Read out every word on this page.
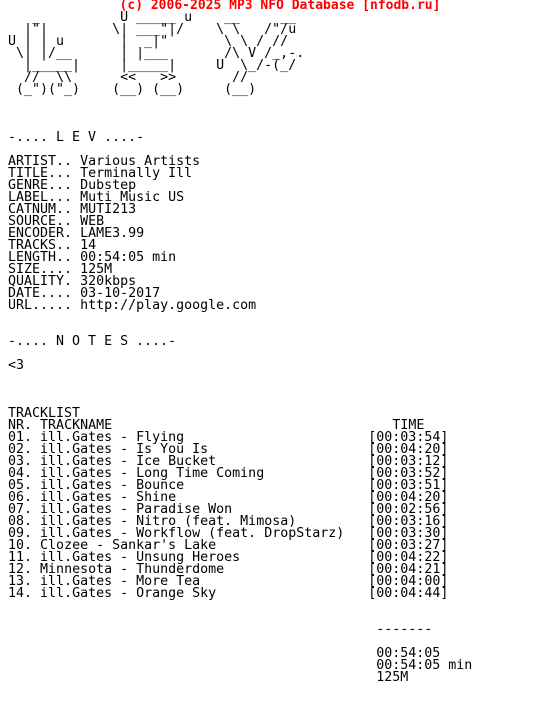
(c) 2006-2025 MP3 NFO Database [nfodb.ru]
_          U _____ u    __     __
|"|        \| ___"|/    \ \   /"/u
U | | u       |  _|"       \ \ / //
\| |/__      | |___       /\ V /_,-.
|_____|     |_____|     U  \_/-(_/
//  \\      <<   >>       //
(_")("_)    (__) (__)     (__)

-.... L E V ....-

ARTIST.. Various Artists
TITLE... Terminally Ill
GENRE... Dubstep
LABEL... Muti Music US
CATNUM.. MUTI213
SOURCE.. WEB
ENCODER. LAME3.99
TRACKS.. 14
LENGTH.. 00:54:05 min
SIZE.... 125M
QUALITY. 320kbps
DATE.... 03-10-2017
URL..... http://play.google.com

-.... N O T E S ....-

<3

TRACKLIST
NR. TRACKNAME	TIME
01. ill.Gates - Flying	[00:03:54]
02. ill.Gates - Is You Is	[00:04:20]
03. ill.Gates - Ice Bucket	[00:03:12]
04. ill.Gates - Long Time Coming	[00:03:52]
05. ill.Gates - Bounce	[00:03:51]
06. ill.Gates - Shine	[00:04:20]
07. ill.Gates - Paradise Won	[00:02:56]
08. ill.Gates - Nitro (feat. Mimosa)	[00:03:16]
09. ill.Gates - Workflow (feat. DropStarz) [00:03:30]
10. Clozee - Sankar's Lake	[00:03:27]
11. ill.Gates - Unsung Heroes	[00:04:22]
12. Minnesota - Thunderdome	[00:04:21]
13. ill.Gates - More Tea	[00:04:00]
14. ill.Gates - Orange Sky	[00:04:44]

-------

00:54:05
00:54:05 min
125M
